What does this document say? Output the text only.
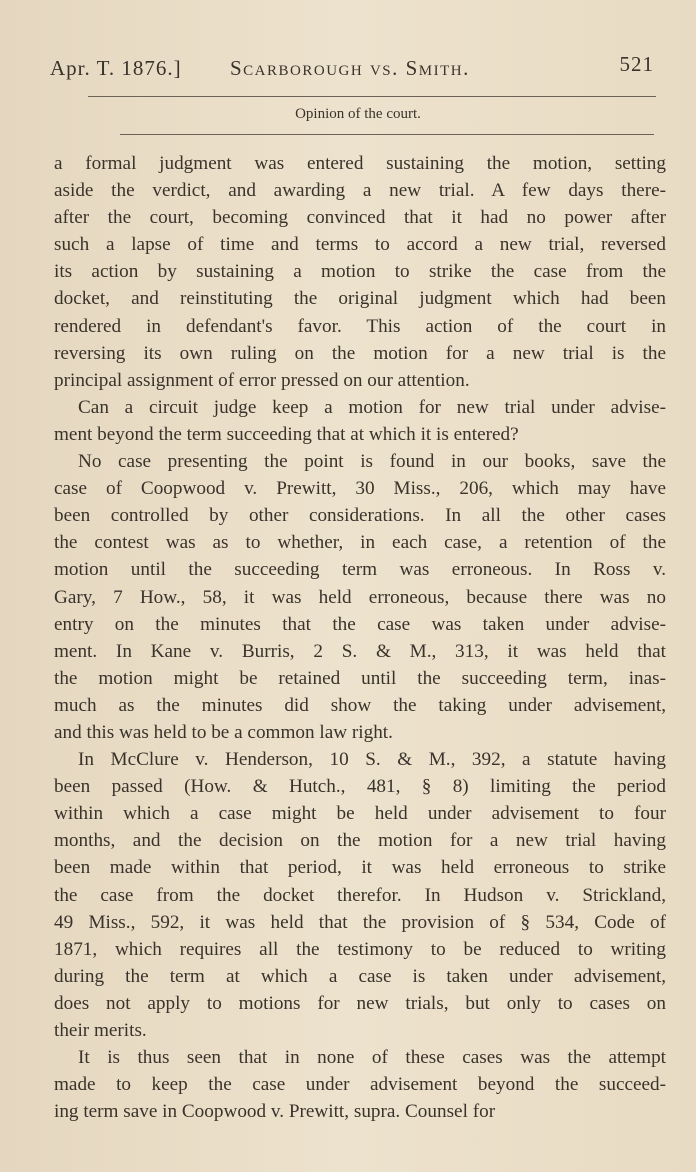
Apr. T. 1876.] Scarborough vs. Smith.	521
Opinion of the court.

a formal judgment was entered sustaining the motion, setting
aside the verdict, and awarding a new trial. A few days there-
after the court, becoming convinced that it had no power after
such a lapse of time and terms to accord a new trial, reversed
its action by sustaining a motion to strike the case from the
docket, and reinstituting the original judgment which had been
rendered in defendant's favor. This action of the court in
reversing its own ruling on the motion for a new trial is the
principal assignment of error pressed on our attention.

Can a circuit judge keep a motion for new trial under advise-
ment beyond the term succeeding that at which it is entered?

No case presenting the point is found in our books, save the
case of Coopwood v. Prewitt, 30 Miss., 206, which may have
been controlled by other considerations. In all the other cases
the contest was as to whether, in each case, a retention of the
motion until the succeeding term was erroneous. In Ross v.
Gary, 7 How., 58, it was held erroneous, because there was no
entry on the minutes that the case was taken under advise-
ment. In Kane v. Burris, 2 S. & M., 313, it was held that
the motion might be retained until the succeeding term, inas-
much as the minutes did show the taking under advisement,
and this was held to be a common law right.

In McClure v. Henderson, 10 S. & M., 392, a statute having
been passed (How. & Hutch., 481, § 8) limiting the period
within which a case might be held under advisement to four
months, and the decision on the motion for a new trial having
been made within that period, it was held erroneous to strike
the case from the docket therefor. In Hudson v. Strickland,
49 Miss., 592, it was held that the provision of § 534, Code of
1871, which requires all the testimony to be reduced to writing
during the term at which a case is taken under advisement,
does not apply to motions for new trials, but only to cases on
their merits.

It is thus seen that in none of these cases was the attempt
made to keep the case under advisement beyond the succeed-
ing term save in Coopwood v. Prewitt, supra. Counsel for
